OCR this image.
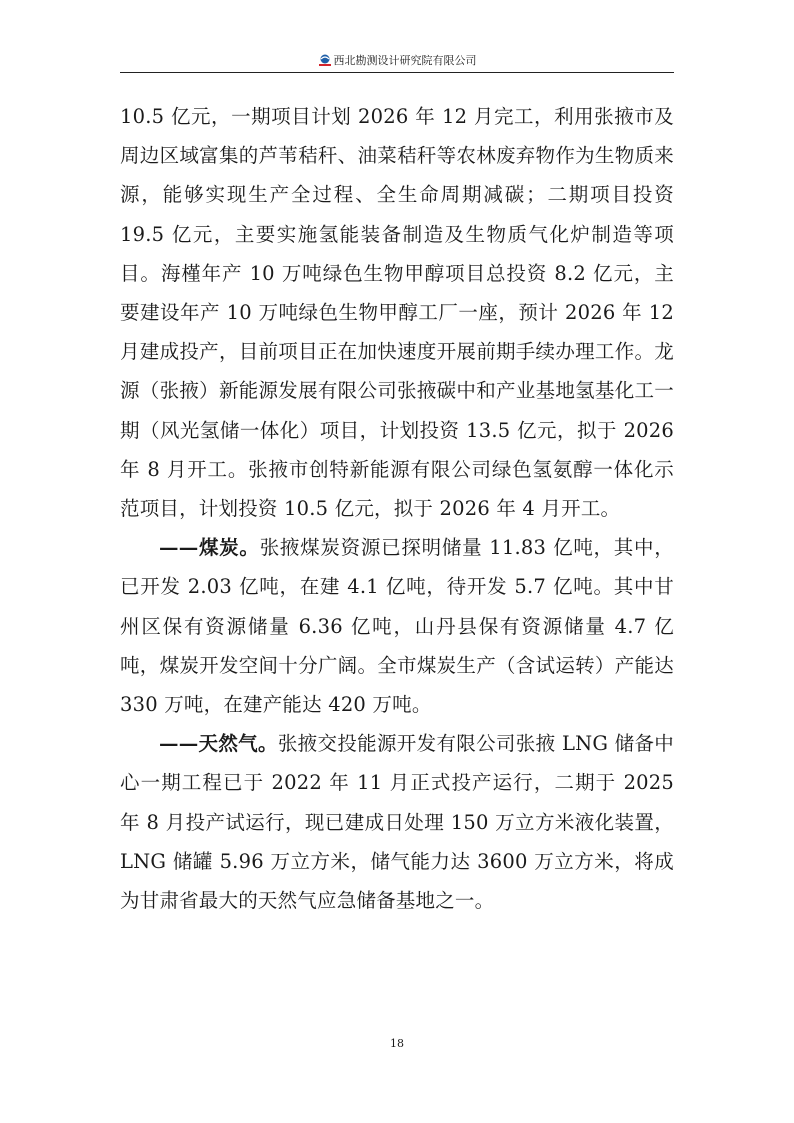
西北勘测设计研究院有限公司

10.5 亿元，一期项目计划 2026 年 12 月完工，利用张掖市及周边区域富集的芦苇秸秆、油菜秸秆等农林废弃物作为生物质来源，能够实现生产全过程、全生命周期减碳；二期项目投资 19.5 亿元，主要实施氢能装备制造及生物质气化炉制造等项目。海槿年产 10 万吨绿色生物甲醇项目总投资 8.2 亿元，主要建设年产 10 万吨绿色生物甲醇工厂一座，预计 2026 年 12 月建成投产，目前项目正在加快速度开展前期手续办理工作。龙源（张掖）新能源发展有限公司张掖碳中和产业基地氢基化工一期（风光氢储一体化）项目，计划投资 13.5 亿元，拟于 2026 年 8 月开工。张掖市创特新能源有限公司绿色氢氨醇一体化示范项目，计划投资 10.5 亿元，拟于 2026 年 4 月开工。

——煤炭。张掖煤炭资源已探明储量 11.83 亿吨，其中，已开发 2.03 亿吨，在建 4.1 亿吨，待开发 5.7 亿吨。其中甘州区保有资源储量 6.36 亿吨，山丹县保有资源储量 4.7 亿吨，煤炭开发空间十分广阔。全市煤炭生产（含试运转）产能达 330 万吨，在建产能达 420 万吨。

——天然气。张掖交投能源开发有限公司张掖 LNG 储备中心一期工程已于 2022 年 11 月正式投产运行，二期于 2025 年 8 月投产试运行，现已建成日处理 150 万立方米液化装置，LNG 储罐 5.96 万立方米，储气能力达 3600 万立方米，将成为甘肃省最大的天然气应急储备基地之一。

18
